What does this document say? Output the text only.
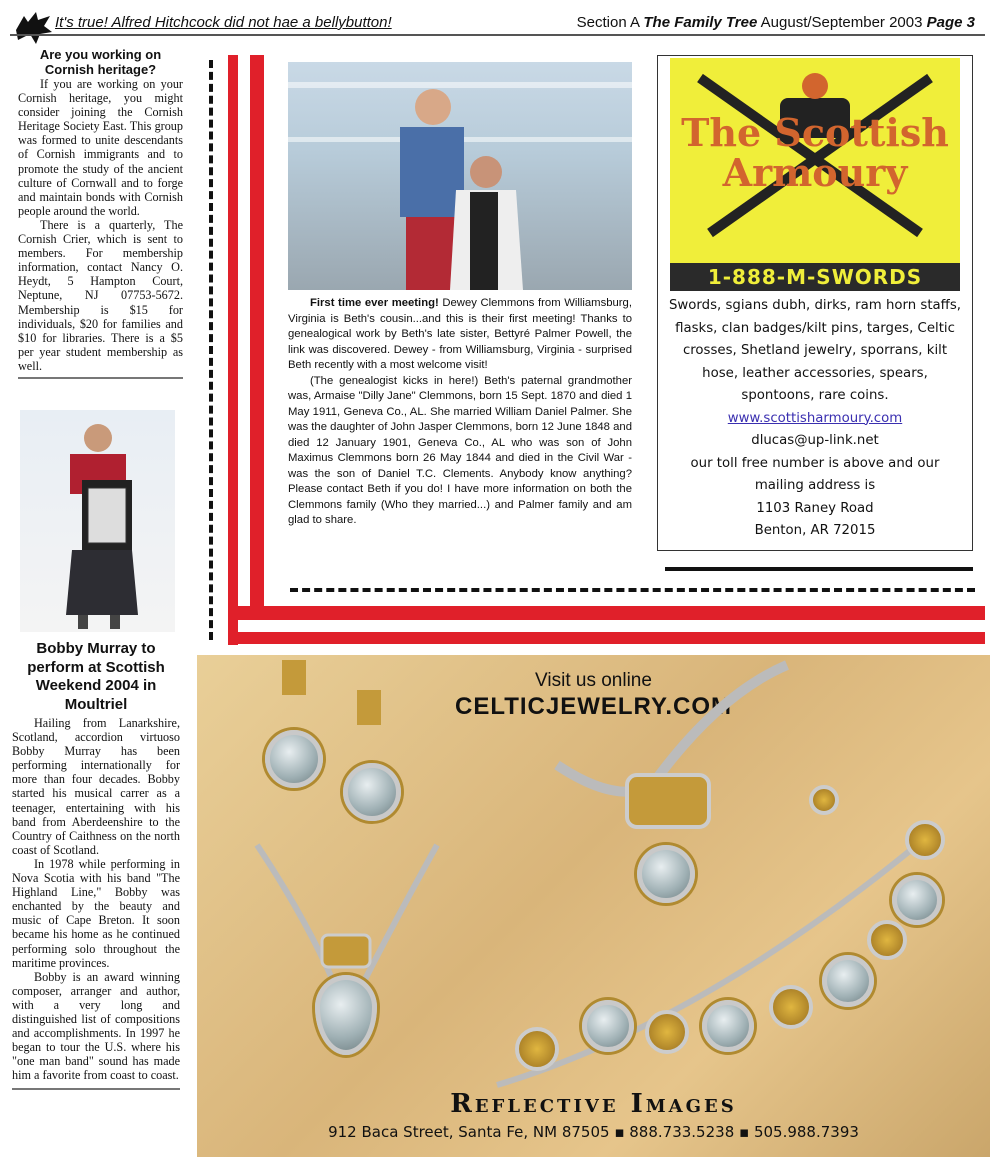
It's true! Alfred Hitchcock did not hae a bellybutton!	Section A The Family Tree August/September 2003 Page 3
Are you working on Cornish heritage?

If you are working on your Cornish heritage, you might consider joining the Cornish Heritage Society East. This group was formed to unite descendants of Cornish immigrants and to promote the study of the ancient culture of Cornwall and to forge and maintain bonds with Cornish people around the world.

There is a quarterly, The Cornish Crier, which is sent to members. For membership information, contact Nancy O. Heydt, 5 Hampton Court, Neptune, NJ 07753-5672. Membership is $15 for individuals, $20 for families and $10 for libraries. There is a $5 per year student membership as well.

Bobby Murray to perform at Scottish Weekend 2004 in Moultriel

Hailing from Lanarkshire, Scotland, accordion virtuoso Bobby Murray has been performing internationally for more than four decades. Bobby started his musical carrer as a teenager, entertaining with his band from Aberdeenshire to the Country of Caithness on the north coast of Scotland.

In 1978 while performing in Nova Scotia with his band "The Highland Line," Bobby was enchanted by the beauty and music of Cape Breton. It soon became his home as he continued performing solo throughout the maritime provinces.

Bobby is an award winning composer, arranger and author, with a very long and distinguished list of compositions and accomplishments. In 1997 he began to tour the U.S. where his "one man band" sound has made him a favorite from coast to coast.

First time ever meeting! Dewey Clemmons from Williamsburg, Virginia is Beth's cousin...and this is their first meeting! Thanks to genealogical work by Beth's late sister, Bettyré Palmer Powell, the link was discovered. Dewey - from Williamsburg, Virginia - surprised Beth recently with a most welcome visit!

(The genealogist kicks in here!) Beth's paternal grandmother was, Armaise "Dilly Jane" Clemmons, born 15 Sept. 1870 and died 1 May 1911, Geneva Co., AL. She married William Daniel Palmer. She was the daughter of John Jasper Clemmons, born 12 June 1848 and died 12 January 1901, Geneva Co., AL who was son of John Maximus Clemmons born 26 May 1844 and died in the Civil War - was the son of Daniel T.C. Clements. Anybody know anything? Please contact Beth if you do! I have more information on both the Clemmons family (Who they married...) and Palmer family and am glad to share.

The Scottish Armoury
1-888-M-SWORDS
Swords, sgians dubh, dirks, ram horn staffs, flasks, clan badges/kilt pins, targes, Celtic crosses, Shetland jewelry, sporrans, kilt hose, leather accessories, spears, spontoons, rare coins.
www.scottisharmoury.com
dlucas@up-link.net
our toll free number is above and our mailing address is
1103 Raney Road
Benton, AR 72015
Visit us online
CELTICJEWELRY.COM
Reflective Images
912 Baca Street, Santa Fe, NM 87505 ▪ 888.733.5238 ▪ 505.988.7393
